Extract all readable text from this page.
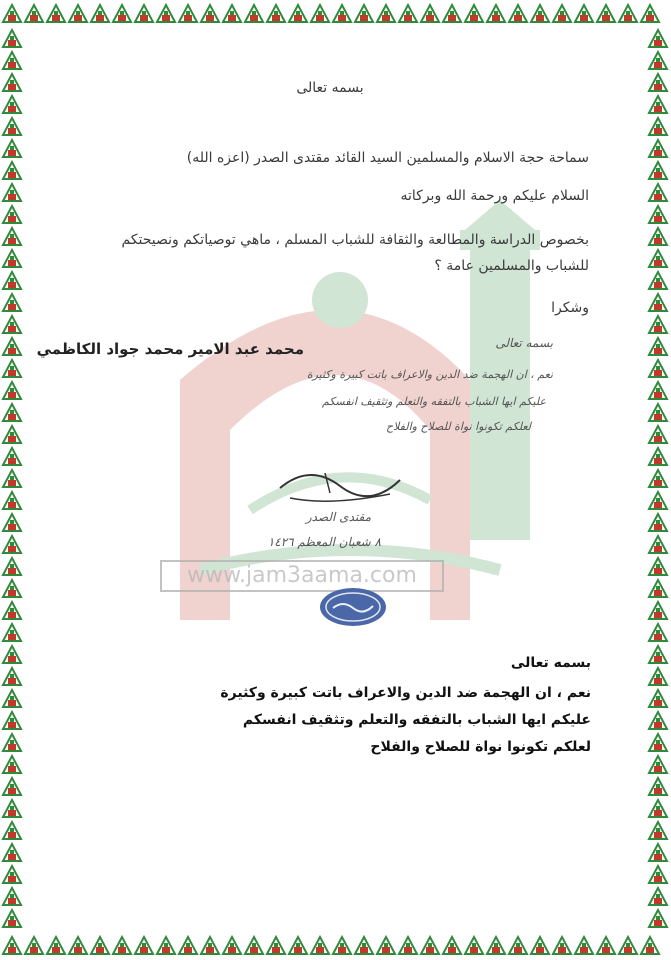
www.jam3aama.com
بسمه تعالى
سماحة حجة الاسلام والمسلمين السيد القائد مقتدى الصدر (اعزه الله)
السلام عليكم ورحمة الله وبركاته
بخصوص الدراسة والمطالعة والثقافة للشباب المسلم ، ماهي توصياتكم ونصيحتكم
للشباب والمسلمين عامة ؟
وشكرا
محمد عبد الامير محمد جواد الكاظمي	بسمه تعالى
نعم ، ان الهجمة ضد الدين والاعراف باتت كبيرة وكثيرة
عليكم ايها الشباب بالتفقه والتعلم وتثقيف انفسكم
لعلكم تكونوا نواة للصلاح والفلاح
مقتدى الصدر
٨ شعبان المعظم ١٤٢٦
بسمه تعالى
نعم ، ان الهجمة ضد الدين والاعراف باتت كبيرة وكثيرة
عليكم ايها الشباب بالتفقه والتعلم وتثقيف انفسكم
لعلكم تكونوا نواة للصلاح والفلاح
